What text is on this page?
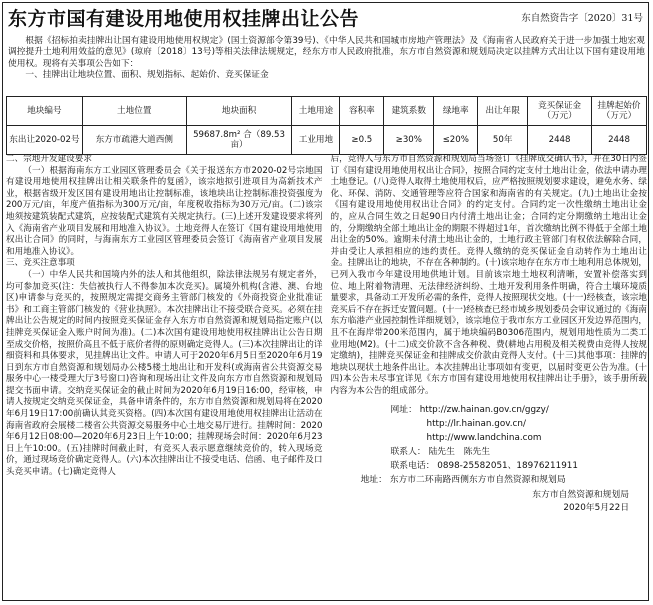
东方市国有建设用地使用权挂牌出让公告	东自然资告字〔2020〕31号

根据《招标拍卖挂牌出让国有建设用地使用权规定》(国土资源部令第39号)、《中华人民共和国城市房地产管理法》及《海南省人民政府关于进一步加强土地宏观调控提升土地利用效益的意见》(琼府〔2018〕13号)等相关法律法规规定，经东方市人民政府批准，东方市自然资源和规划局决定以挂牌方式出让以下国有建设用地使用权。现将有关事项公告如下：

一、挂牌出让地块位置、面积、规划指标、起始价、竞买保证金

地块编号	土地位置	地块面积	土地用途	容积率	建筑系数	绿地率	出让年限	竞买保证金（万元）	挂牌起始价（万元）
东出让2020-02号	东方市疏港大道西侧	59687.8m² 合（89.53亩）	工业用地	≥0.5	≥30%	≤20%	50年	2448	2448

二、宗地开发建设要求

（一）根据海南东方工业园区管理委员会《关于报送东方市2020-02号宗地国有建设用地使用权挂牌出让相关联条件的复函》，该宗地拟引进项目为高新技术产业，根据省级开发区国有建设用地出让控制标准，该地块出让控制标准投资强度为200万元/亩，年度产值指标为300万元/亩，年度税收指标为30万元/亩。(二)该宗地须按建筑装配式建筑，应按装配式建筑有关规定执行。(三)上述开发建设要求将列入《海南省产业项目发展和用地准入协议》。土地竞得人在签订《国有建设用地使用权出让合同》的同时，与海南东方工业园区管理委员会签订《海南省产业项目发展和用地准入协议》。

三、竞买注意事项

（一）中华人民共和国境内外的法人和其他组织，除法律法规另有规定者外，均可参加竞买(注：失信被执行人不得参加本次竞买)。属境外机构(含港、澳、台地区)申请参与竞买的，按照规定需提交商务主管部门核发的《外商投资企业批准证书》和工商主管部门核发的《营业执照》。本次挂牌出让不接受联合竞买。必须在挂牌出让公告规定的时间内按照竞买保证金存入东方市自然资源和规划局指定账户(以挂牌竞买保证金入账户时间为准)。(二)本次国有建设用地使用权挂牌出让公告日期至成交价格，按照价高且不低于底价者得的原则确定竞得人。(三)本次挂牌出让的详细资料和具体要求，见挂牌出让文件。申请人可于2020年6月5日至2020年6月19日到东方市自然资源和规划局办公楼5楼土地出让和开发科(或海南省公共资源交易服务中心一楼受理大厅3号窗口)咨询和现场出让文件及向东方市自然资源和规划局提交书面申请。交纳竞买保证金的截止时间为2020年6月19日16:00，经审核，申请人按规定交纳竞买保证金，具备申请条件的，东方市自然资源和规划局将在2020年6月19日17:00前确认其竞买资格。(四)本次国有建设用地使用权挂牌出让活动在海南省政府会展楼二楼省公共资源交易服务中心土地交易厅进行。挂牌时间：2020年6月12日08:00—2020年6月23日上午10:00；挂牌现场会时间：2020年6月23日上午10:00。(五)挂牌时间截止时，有竞买人表示愿意继续竞价的，转入现场竞价，通过现场竞价确定竞得人。(六)本次挂牌出让不接受电话、信函、电子邮件及口头竞买申请。(七)确定竞得人

后，竞得人与东方市自然资源和规划局当场签订《挂牌成交确认书》，并在30日内签订《国有建设用地使用权出让合同》，按照合同约定支付土地出让金，依法申请办理土地登记。(八)竞得人取得土地使用权后，应严格按照规划要求建设，避免水务、绿化、环保、消防、交通管理等应符合国家和海南省的有关规定。(九)土地出让金按《国有建设用地使用权出让合同》的约定支付。合同约定一次性缴纳土地出让金的，应从合同生效之日起90日内付清土地出让金；合同约定分期缴纳土地出让金的，分期缴纳全部土地出让金的期限不得超过1年，首次缴纳比例不得低于全部土地出让金的50%。逾期未付清土地出让金的，土地行政主管部门有权依法解除合同，并由受让人承担相应的违约责任。竞得人缴纳的竞买保证金自动转作为土地出让金。挂牌出让的地块，不存在各种制约。(十)该宗地存在东方市土地利用总体规划，已列入我市今年建设用地供地计划。目前该宗地土地权利清晰，安置补偿落实到位、地上附着物清理、无法律经济纠纷、土地开发利用条件明确，符合土壤环境质量要求，具备动工开发所必需的条件，竞得人按照现状交地。(十一)经核查，该宗地竞买后不存在拆迁安置问题。(十一)经核查已经市域乡规划委员会审议通过的《海南东方临港产业园控制性详细规划》，该宗地位于我市东方工业园区开发边界范围内，且不在海岸带200米范围内，属于地块编码B0306范围内，规划用地性质为二类工业用地(M2)。(十二)成交价款不含各种税、费(耕地占用税及相关税费由竞得人按规定缴纳)，挂牌竞买保证金和挂牌成交价款由竞得人支付。(十三)其他事项：挂牌的地块以现状土地条件出让。本次挂牌出让事项如有变更，以届时变更公告为准。(十四)本公告未尽事宜详见《东方市国有建设用地使用权挂牌出让手册》，该手册所载内容为本公告的组成部分。

网址： http://zw.hainan.gov.cn/ggzy/
http://lr.hainan.gov.cn/
http://www.landchina.com
联系人： 陆先生　陈先生
联系电话： 0898-25582051、18976211911
地址： 东方市二环南路西侧东方市自然资源和规划局
东方市自然资源和规划局
2020年5月22日
